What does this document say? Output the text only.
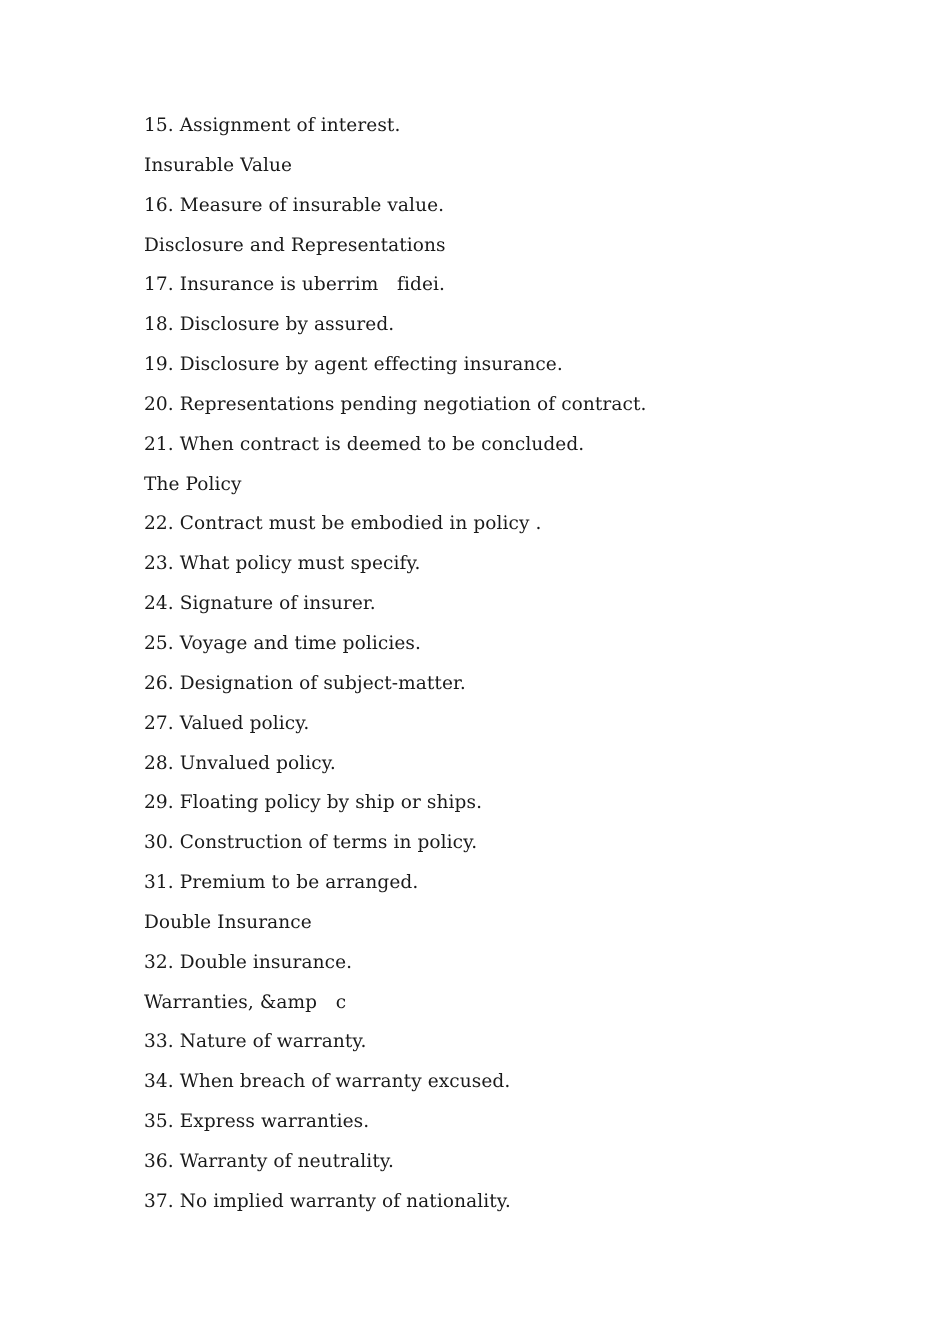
15. Assignment of interest.
Insurable Value
16. Measure of insurable value.
Disclosure and Representations
17. Insurance is uberrim　fidei.
18. Disclosure by assured.
19. Disclosure by agent effecting insurance.
20. Representations pending negotiation of contract.
21. When contract is deemed to be concluded.
The Policy
22. Contract must be embodied in policy .
23. What policy must specify.
24. Signature of insurer.
25. Voyage and time policies.
26. Designation of subject-matter.
27. Valued policy.
28. Unvalued policy.
29. Floating policy by ship or ships.
30. Construction of terms in policy.
31. Premium to be arranged.
Double Insurance
32. Double insurance.
Warranties, &amp　c
33. Nature of warranty.
34. When breach of warranty excused.
35. Express warranties.
36. Warranty of neutrality.
37. No implied warranty of nationality.
